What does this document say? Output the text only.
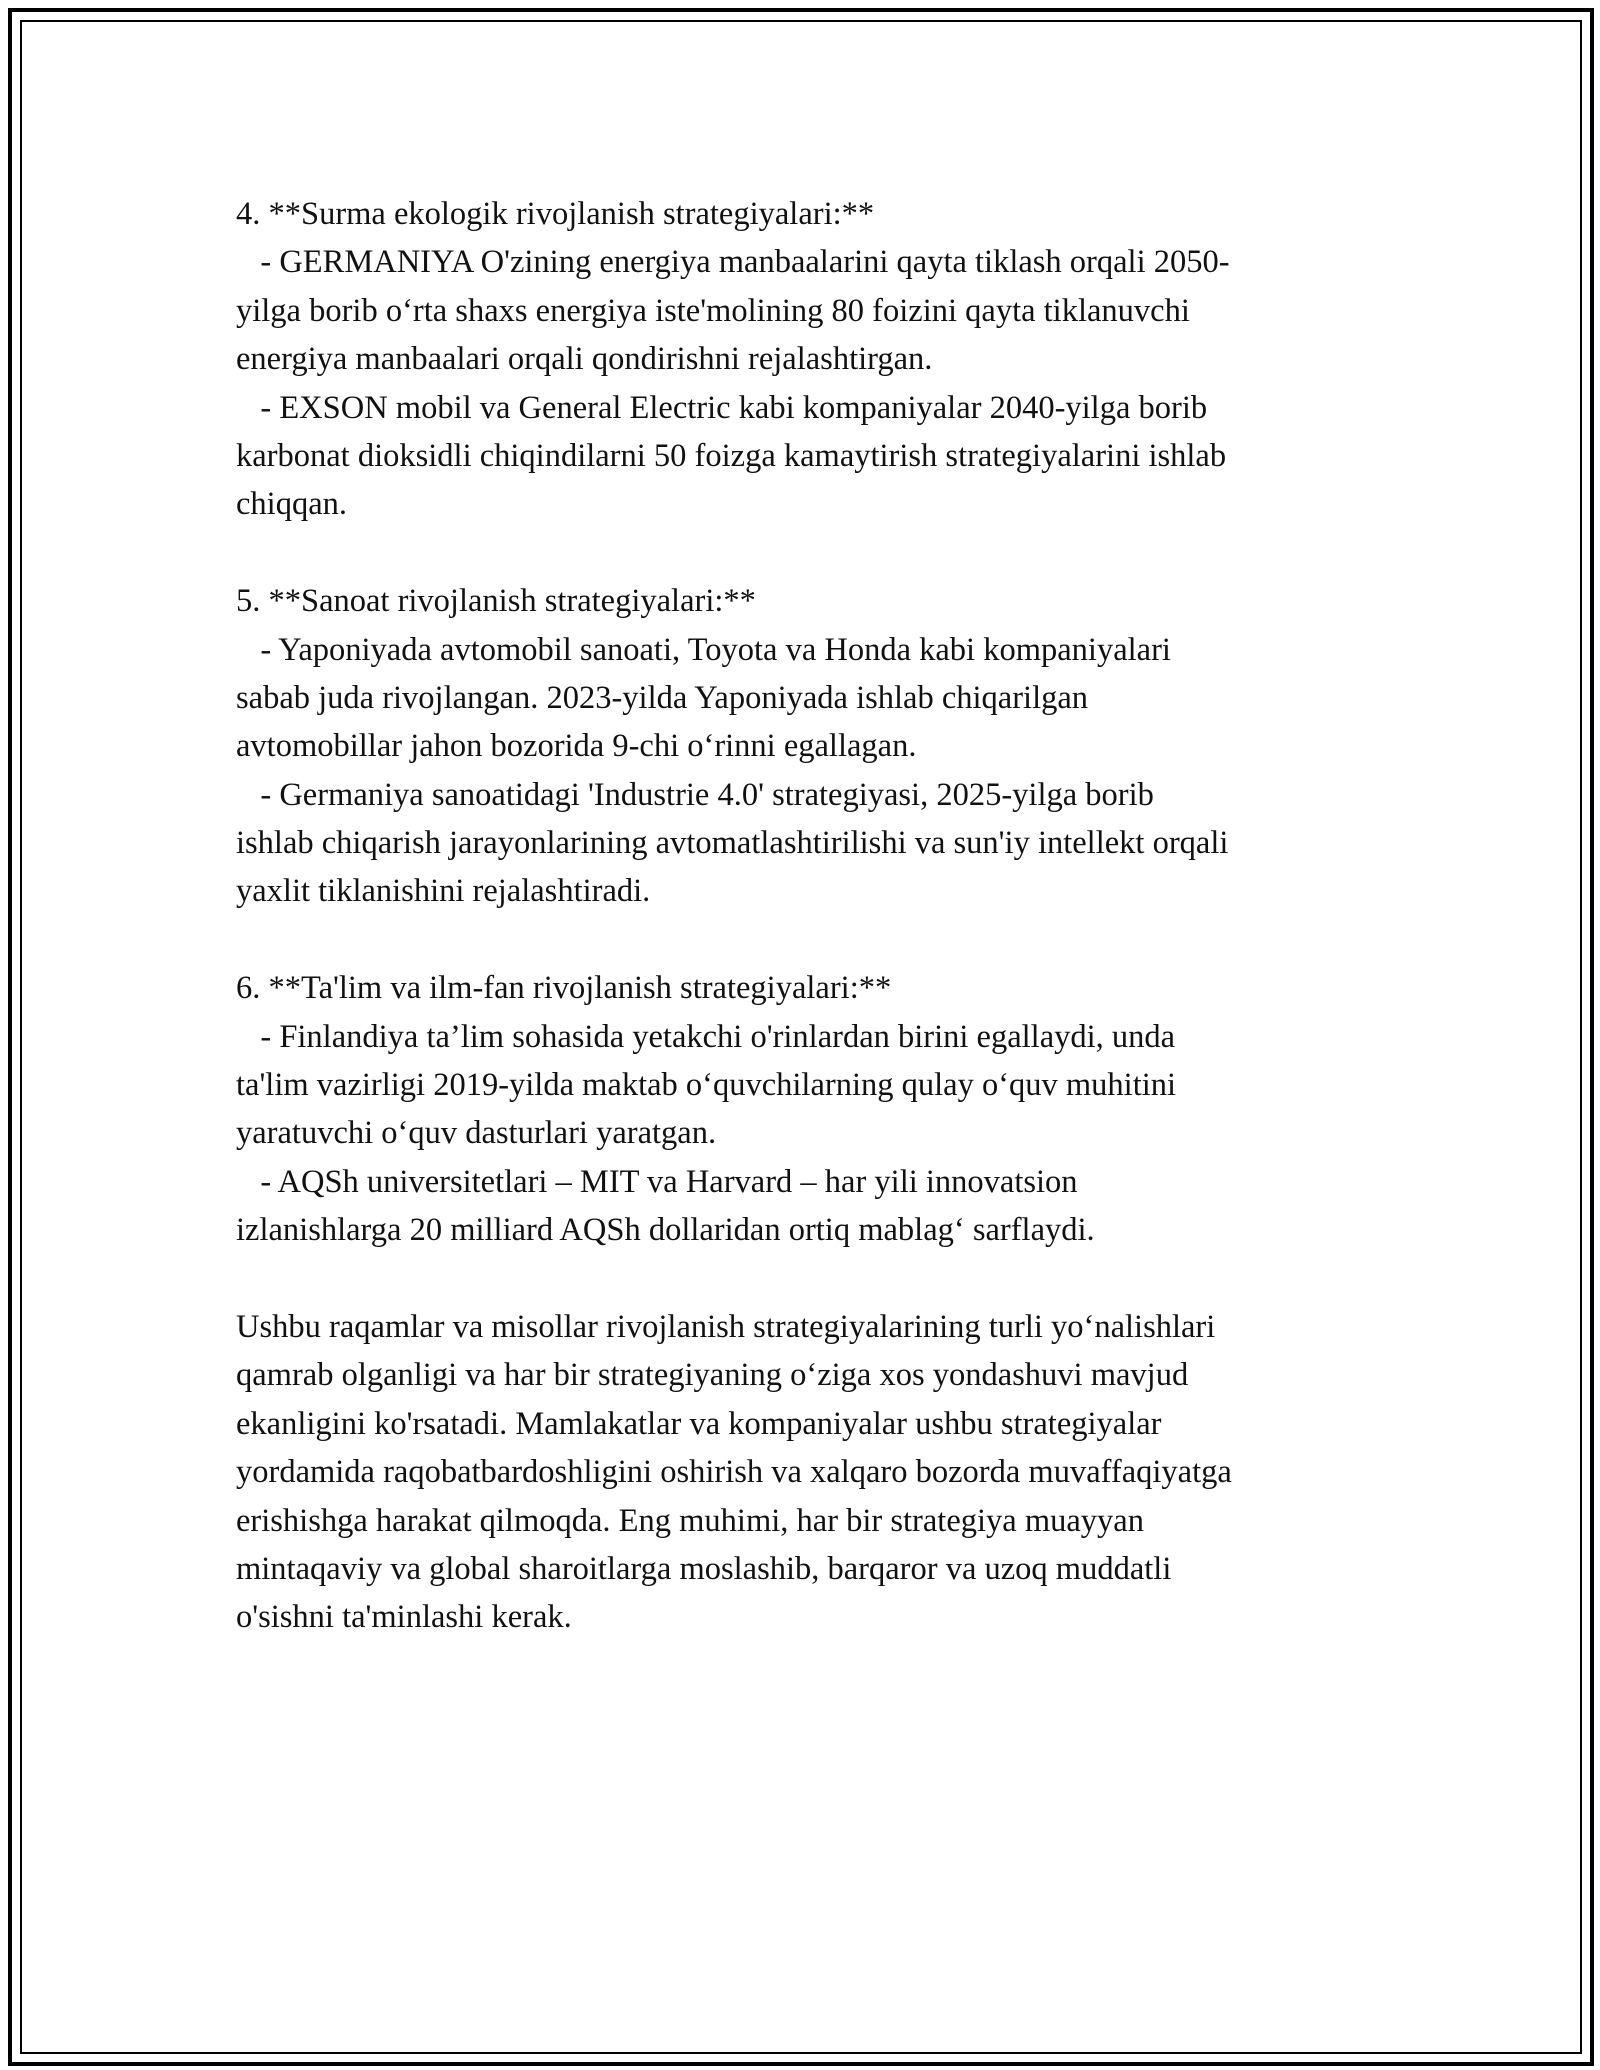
4. **Surma ekologik rivojlanish strategiyalari:**
- GERMANIYA O'zining energiya manbaalarini qayta tiklash orqali 2050-
yilga borib o‘rta shaxs energiya iste'molining 80 foizini qayta tiklanuvchi
energiya manbaalari orqali qondirishni rejalashtirgan.
- EXSON mobil va General Electric kabi kompaniyalar 2040-yilga borib
karbonat dioksidli chiqindilarni 50 foizga kamaytirish strategiyalarini ishlab
chiqqan.
5. **Sanoat rivojlanish strategiyalari:**
- Yaponiyada avtomobil sanoati, Toyota va Honda kabi kompaniyalari
sabab juda rivojlangan. 2023-yilda Yaponiyada ishlab chiqarilgan
avtomobillar jahon bozorida 9-chi o‘rinni egallagan.
- Germaniya sanoatidagi 'Industrie 4.0' strategiyasi, 2025-yilga borib
ishlab chiqarish jarayonlarining avtomatlashtirilishi va sun'iy intellekt orqali
yaxlit tiklanishini rejalashtiradi.
6. **Ta'lim va ilm-fan rivojlanish strategiyalari:**
- Finlandiya ta’lim sohasida yetakchi o'rinlardan birini egallaydi, unda
ta'lim vazirligi 2019-yilda maktab o‘quvchilarning qulay o‘quv muhitini
yaratuvchi o‘quv dasturlari yaratgan.
- AQSh universitetlari – MIT va Harvard – har yili innovatsion
izlanishlarga 20 milliard AQSh dollaridan ortiq mablag‘ sarflaydi.
Ushbu raqamlar va misollar rivojlanish strategiyalarining turli yo‘nalishlari
qamrab olganligi va har bir strategiyaning o‘ziga xos yondashuvi mavjud
ekanligini ko'rsatadi. Mamlakatlar va kompaniyalar ushbu strategiyalar
yordamida raqobatbardoshligini oshirish va xalqaro bozorda muvaffaqiyatga
erishishga harakat qilmoqda. Eng muhimi, har bir strategiya muayyan
mintaqaviy va global sharoitlarga moslashib, barqaror va uzoq muddatli
o'sishni ta'minlashi kerak.
